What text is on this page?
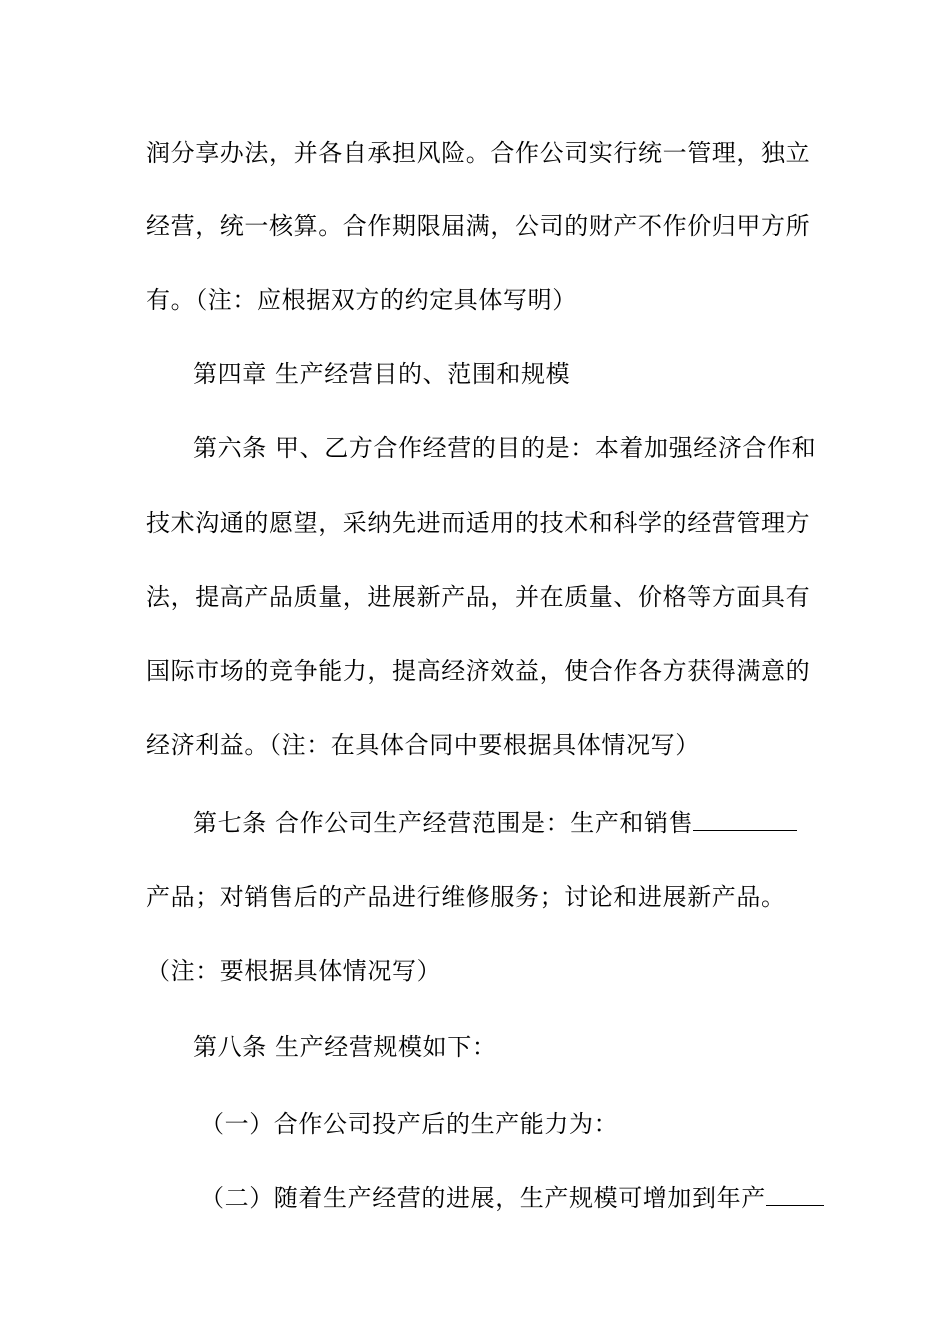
润分享办法，并各自承担风险。合作公司实行统一管理，独立
经营，统一核算。合作期限届满，公司的财产不作价归甲方所
有。（注：应根据双方的约定具体写明）
第四章 生产经营目的、范围和规模
第六条 甲、乙方合作经营的目的是：本着加强经济合作和
技术沟通的愿望，采纳先进而适用的技术和科学的经营管理方
法，提高产品质量，进展新产品，并在质量、价格等方面具有
国际市场的竞争能力，提高经济效益，使合作各方获得满意的
经济利益。（注：在具体合同中要根据具体情况写）
第七条 合作公司生产经营范围是：生产和销售
产品；对销售后的产品进行维修服务；讨论和进展新产品。
（注：要根据具体情况写）
第八条 生产经营规模如下：
（一）合作公司投产后的生产能力为：
（二）随着生产经营的进展，生产规模可增加到年产
